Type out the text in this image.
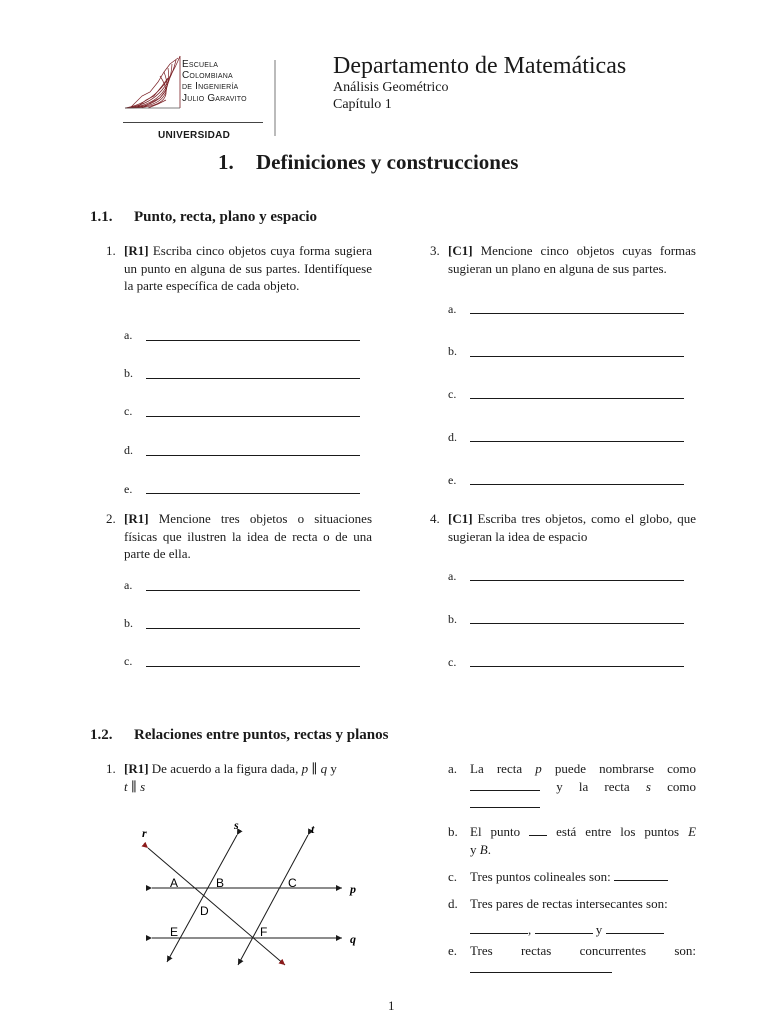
Escuela
Colombiana
de Ingeniería
Julio Garavito
UNIVERSIDAD
Departamento de Matemáticas
Análisis Geométrico
Capítulo 1
1. Definiciones y construcciones
1.1. Punto, recta, plano y espacio
1. [R1] Escriba cinco objetos cuya forma sugiera un punto en alguna de sus partes. Identifíquese la parte específica de cada objeto.
a.
b.
c.
d.
e.
2. [R1] Mencione tres objetos o situaciones físicas que ilustren la idea de recta o de una parte de ella.
a.
b.
c.
3. [C1] Mencione cinco objetos cuyas formas sugieran un plano en alguna de sus partes.
a.
b.
c.
d.
e.
4. [C1] Escriba tres objetos, como el globo, que sugieran la idea de espacio
a.
b.
c.
1.2. Relaciones entre puntos, rectas y planos
1. [R1] De acuerdo a la figura dada, p ∥ q y
t ∥ s
r
s	t
p
q
A	B	C
D
E	F
a. La recta p puede nombrarse como
y la recta s como
b. El punto	está entre los puntos E
y B.
c. Tres puntos colineales son:
d. Tres pares de rectas intersecantes son:
,	y
e. Tres rectas concurrentes son:
1
